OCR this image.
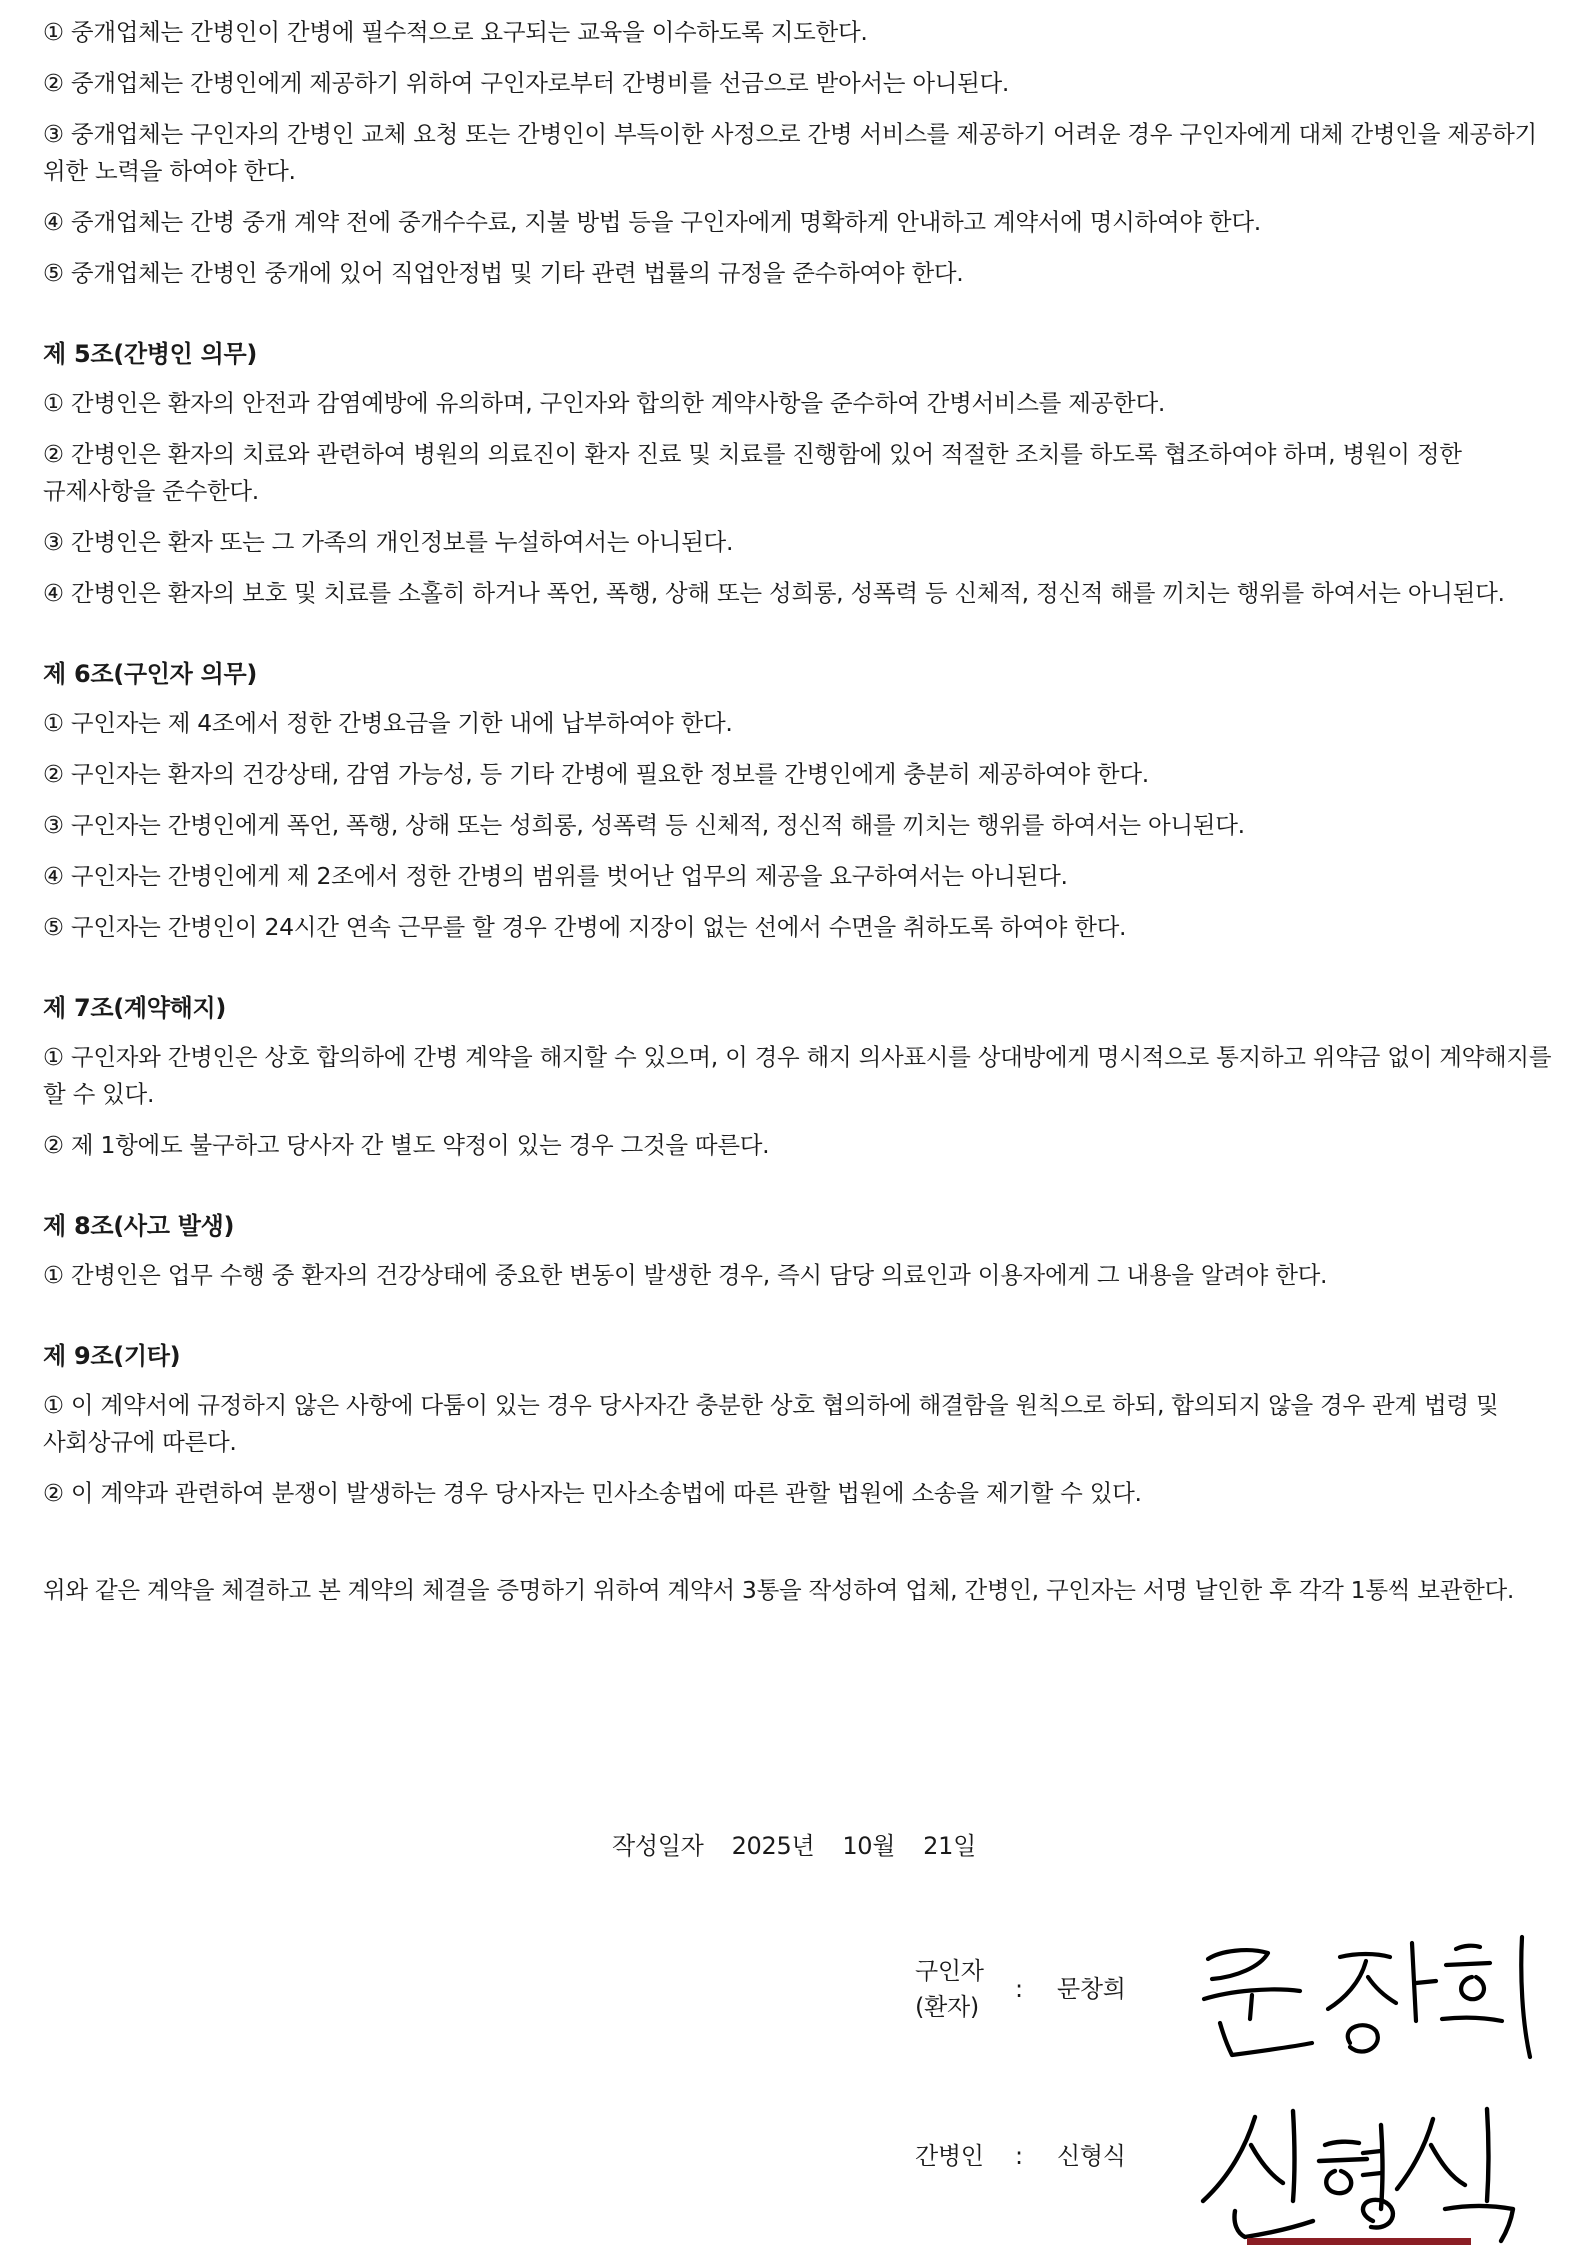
① 중개업체는 간병인이 간병에 필수적으로 요구되는 교육을 이수하도록 지도한다.

② 중개업체는 간병인에게 제공하기 위하여 구인자로부터 간병비를 선금으로 받아서는 아니된다.

③ 중개업체는 구인자의 간병인 교체 요청 또는 간병인이 부득이한 사정으로 간병 서비스를 제공하기 어려운 경우 구인자에게 대체 간병인을 제공하기 위한 노력을 하여야 한다.

④ 중개업체는 간병 중개 계약 전에 중개수수료, 지불 방법 등을 구인자에게 명확하게 안내하고 계약서에 명시하여야 한다.

⑤ 중개업체는 간병인 중개에 있어 직업안정법 및 기타 관련 법률의 규정을 준수하여야 한다.

제 5조(간병인 의무)

① 간병인은 환자의 안전과 감염예방에 유의하며, 구인자와 합의한 계약사항을 준수하여 간병서비스를 제공한다.

② 간병인은 환자의 치료와 관련하여 병원의 의료진이 환자 진료 및 치료를 진행함에 있어 적절한 조치를 하도록 협조하여야 하며, 병원이 정한 규제사항을 준수한다.

③ 간병인은 환자 또는 그 가족의 개인정보를 누설하여서는 아니된다.

④ 간병인은 환자의 보호 및 치료를 소홀히 하거나 폭언, 폭행, 상해 또는 성희롱, 성폭력 등 신체적, 정신적 해를 끼치는 행위를 하여서는 아니된다.

제 6조(구인자 의무)

① 구인자는 제 4조에서 정한 간병요금을 기한 내에 납부하여야 한다.

② 구인자는 환자의 건강상태, 감염 가능성, 등 기타 간병에 필요한 정보를 간병인에게 충분히 제공하여야 한다.

③ 구인자는 간병인에게 폭언, 폭행, 상해 또는 성희롱, 성폭력 등 신체적, 정신적 해를 끼치는 행위를 하여서는 아니된다.

④ 구인자는 간병인에게 제 2조에서 정한 간병의 범위를 벗어난 업무의 제공을 요구하여서는 아니된다.

⑤ 구인자는 간병인이 24시간 연속 근무를 할 경우 간병에 지장이 없는 선에서 수면을 취하도록 하여야 한다.

제 7조(계약해지)

① 구인자와 간병인은 상호 합의하에 간병 계약을 해지할 수 있으며, 이 경우 해지 의사표시를 상대방에게 명시적으로 통지하고 위약금 없이 계약해지를 할 수 있다.

② 제 1항에도 불구하고 당사자 간 별도 약정이 있는 경우 그것을 따른다.

제 8조(사고 발생)

① 간병인은 업무 수행 중 환자의 건강상태에 중요한 변동이 발생한 경우, 즉시 담당 의료인과 이용자에게 그 내용을 알려야 한다.

제 9조(기타)

① 이 계약서에 규정하지 않은 사항에 다툼이 있는 경우 당사자간 충분한 상호 협의하에 해결함을 원칙으로 하되, 합의되지 않을 경우 관계 법령 및 사회상규에 따른다.

② 이 계약과 관련하여 분쟁이 발생하는 경우 당사자는 민사소송법에 따른 관할 법원에 소송을 제기할 수 있다.

위와 같은 계약을 체결하고 본 계약의 체결을 증명하기 위하여 계약서 3통을 작성하여 업체, 간병인, 구인자는 서명 날인한 후 각각 1통씩 보관한다.

작성일자 2025년 10월 21일
구인자
(환자)
: 문창희
간병인	: 신형식
